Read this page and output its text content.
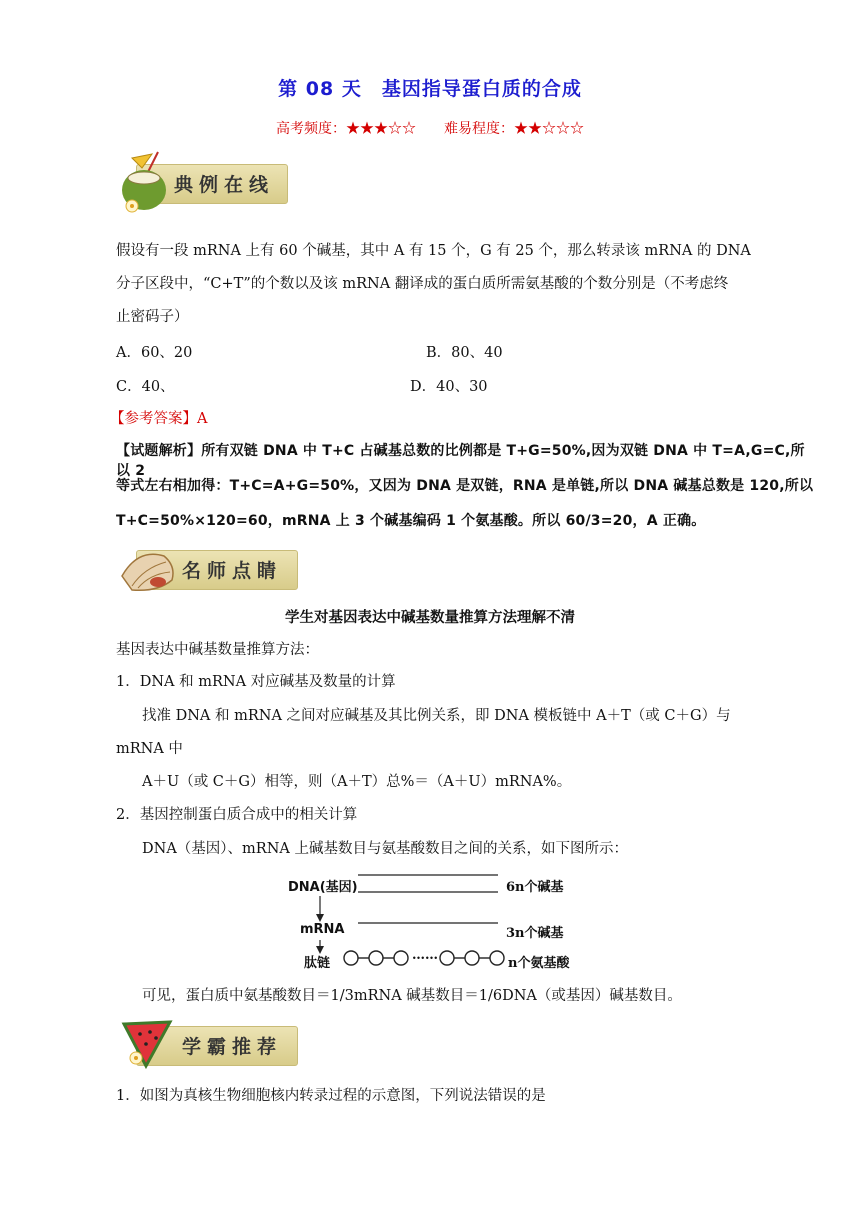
第 08 天　基因指导蛋白质的合成
高考频度：★★★☆☆　　 难易程度：★★☆☆☆
典例在线
假设有一段 mRNA 上有 60 个碱基，其中 A 有 15 个，G 有 25 个，那么转录该 mRNA 的 DNA
分子区段中，“C+T”的个数以及该 mRNA 翻译成的蛋白质所需氨基酸的个数分别是（不考虑终
止密码子）
A．60、20	B．80、40
C．40、	D．40、30
【参考答案】A
【试题解析】所有双链 DNA 中 T+C 占碱基总数的比例都是 T+G=50%,因为双链 DNA 中 T=A,G=C,所以 2
等式左右相加得：T+C=A+G=50%，又因为 DNA 是双链，RNA 是单链,所以 DNA 碱基总数是 120,所以
T+C=50%×120=60，mRNA 上 3 个碱基编码 1 个氨基酸。所以 60/3=20，A 正确。
名师点睛
学生对基因表达中碱基数量推算方法理解不清
基因表达中碱基数量推算方法：
1．DNA 和 mRNA 对应碱基及数量的计算
找准 DNA 和 mRNA 之间对应碱基及其比例关系，即 DNA 模板链中 A＋T（或 C＋G）与
mRNA 中
A＋U（或 C＋G）相等，则（A＋T）总%＝（A＋U）mRNA%。
2．基因控制蛋白质合成中的相关计算
DNA（基因）、mRNA 上碱基数目与氨基酸数目之间的关系，如下图所示：
DNA(基因)	6n个碱基
mRNA	3n个碱基
肽链
……
n个氨基酸
可见，蛋白质中氨基酸数目＝1/3mRNA 碱基数目＝1/6DNA（或基因）碱基数目。
学霸推荐
1．如图为真核生物细胞核内转录过程的示意图，下列说法错误的是
